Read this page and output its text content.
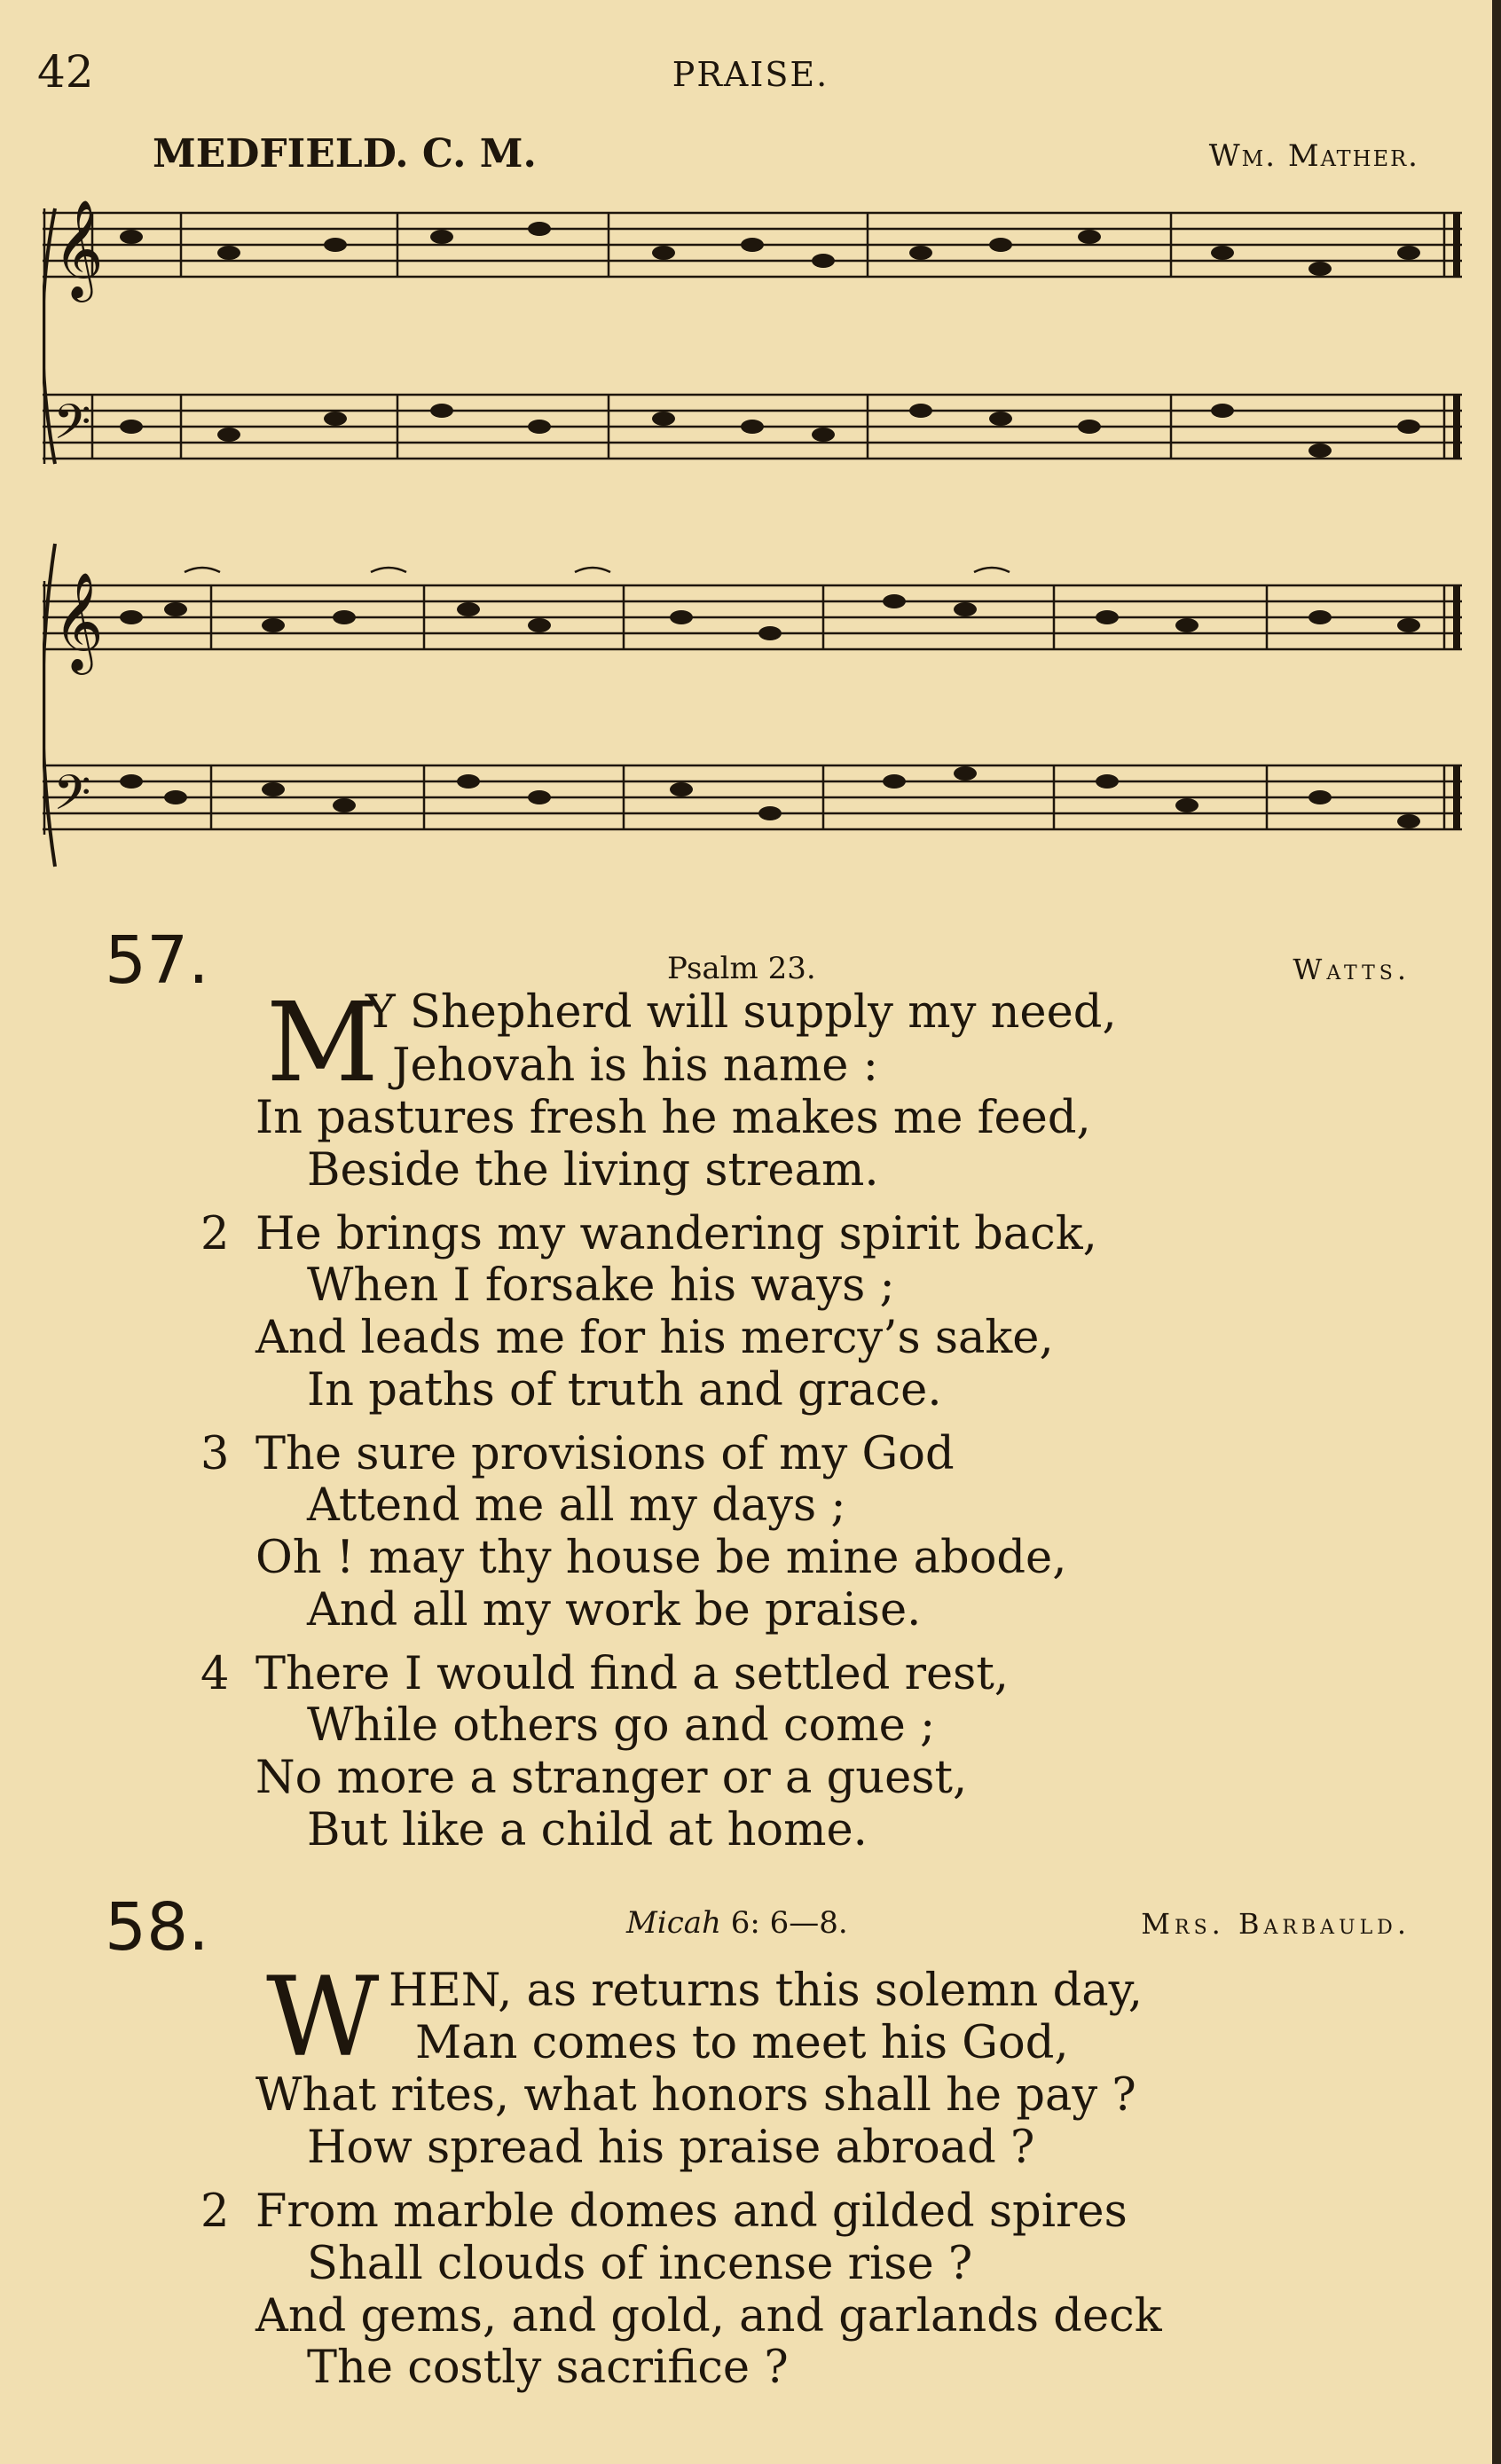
42	PRAISE.
MEDFIELD. C. M.	Wm. Mather.
𝄞
𝄢
𝄞
𝄢
57.	Psalm 23.	Watts.
M
Y Shepherd will supply my need,
Jehovah is his name :
In pastures fresh he makes me feed,
Beside the living stream.
2 He brings my wandering spirit back,
When I forsake his ways ;
And leads me for his mercy’s sake,
In paths of truth and grace.
3 The sure provisions of my God
Attend me all my days ;
Oh ! may thy house be mine abode,
And all my work be praise.
4 There I would find a settled rest,
While others go and come ;
No more a stranger or a guest,
But like a child at home.
58.	Micah 6: 6—8.	Mrs. Barbauld.
W HEN, as returns this solemn day,
Man comes to meet his God,
What rites, what honors shall he pay ?
How spread his praise abroad ?
2 From marble domes and gilded spires
Shall clouds of incense rise ?
And gems, and gold, and garlands deck
The costly sacrifice ?
